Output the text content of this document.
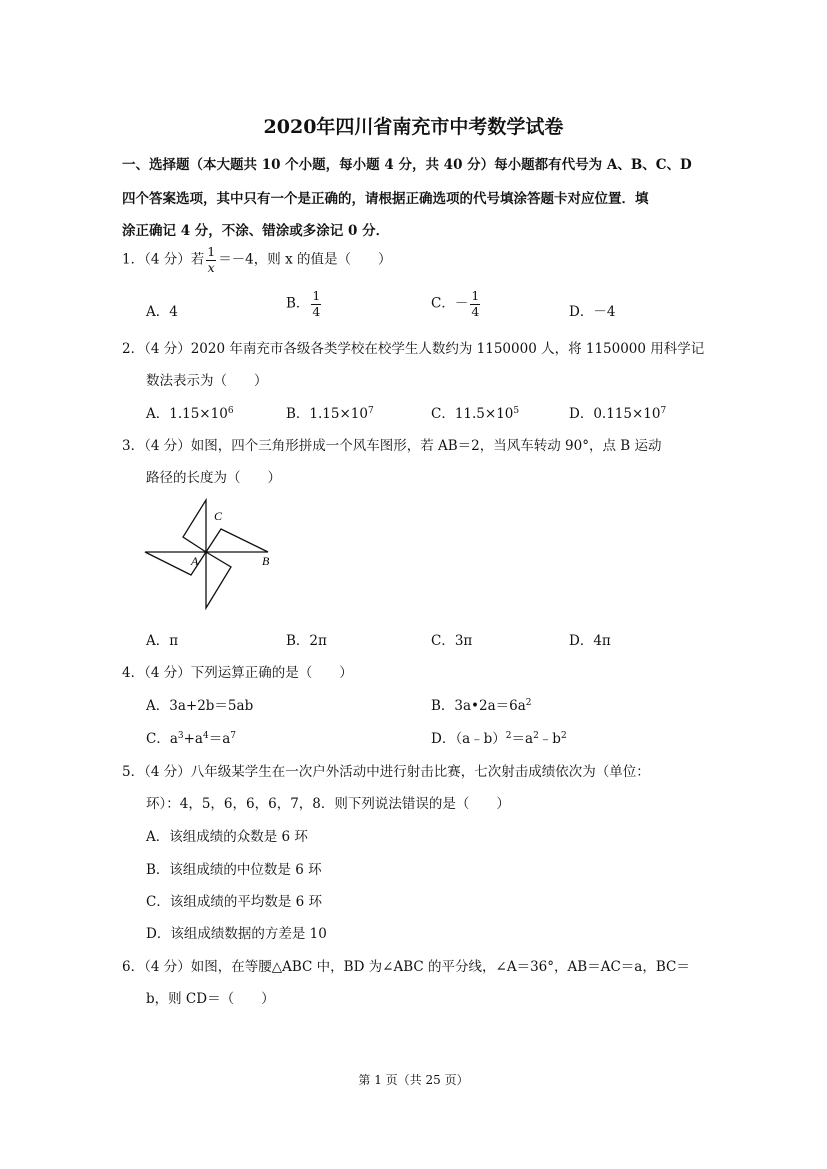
2020年四川省南充市中考数学试卷
一、选择题（本大题共 10 个小题，每小题 4 分，共 40 分）每小题都有代号为 A、B、C、D
四个答案选项，其中只有一个是正确的，请根据正确选项的代号填涂答题卡对应位置．填
涂正确记 4 分，不涂、错涂或多涂记 0 分．
1．（4 分）若 $\frac{1}{x} =-4$，则 x 的值是（　　）
A．4
B． $\frac{1}{4}$	C．－ $\frac{1}{4}$	D．－4
2．（4 分）2020 年南充市各级各类学校在校学生人数约为 1150000 人，将 1150000 用科学记
数法表示为（　　）
A．$1.15\times 10^6$	B．$1.15\times 10^7$	C．$11.5\times 10^5$	D．$0.115\times 10^7$
3．（4 分）如图，四个三角形拼成一个风车图形，若 AB＝2，当风车转动 90°，点 B 运动
路径的长度为（　　）
C
A	B
A．π	B．2π	C．3π	D．4π
4．（4 分）下列运算正确的是（　　）
A．3a+2b＝5ab	B．$3a•2a=6a^2$
C．$a^3+a^4=a^7$	D．$(a﹣b)^2=a^2﹣b^2$
5．（4 分）八年级某学生在一次户外活动中进行射击比赛，七次射击成绩依次为（单位：
环）：4，5，6，6，6，7，8．则下列说法错误的是（　　）
A．该组成绩的众数是 6 环
B．该组成绩的中位数是 6 环
C．该组成绩的平均数是 6 环
D．该组成绩数据的方差是 10
6．（4 分）如图，在等腰△ABC 中，BD 为∠ABC 的平分线，∠A＝36°，AB＝AC＝a，BC＝
b，则 CD＝（　　）
第 1 页（共 25 页）
